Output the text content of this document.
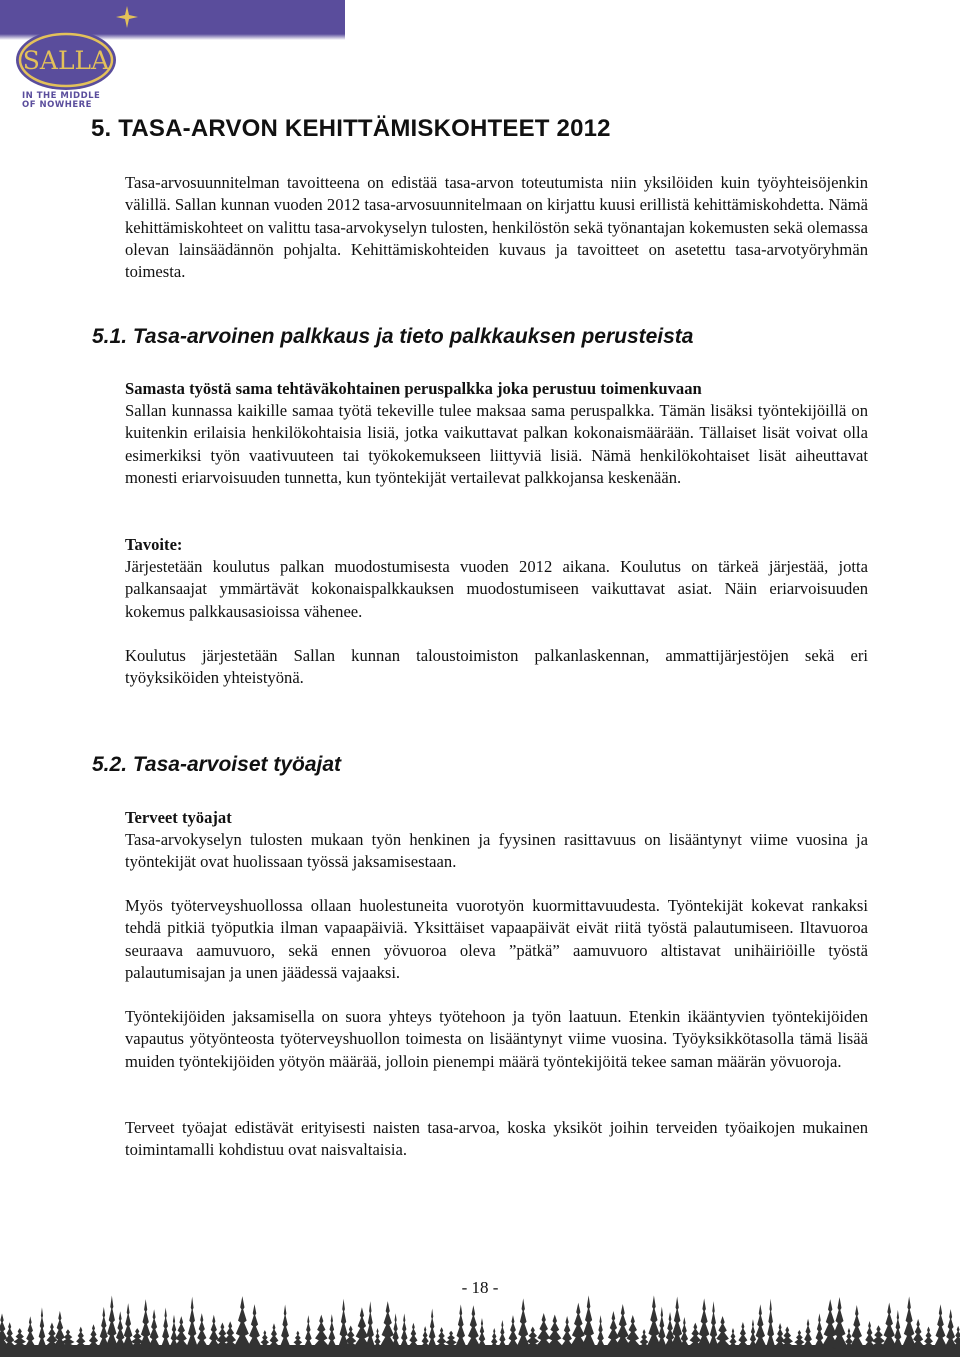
SALLA
IN THE MIDDLE OF NOWHERE
5. TASA-ARVON KEHITTÄMISKOHTEET 2012

Tasa-arvosuunnitelman tavoitteena on edistää tasa-arvon toteutumista niin yksilöiden kuin työyhteisöjenkin välillä. Sallan kunnan vuoden 2012 tasa-arvosuunnitelmaan on kirjattu kuusi erillistä kehittämiskohdetta. Nämä kehittämiskohteet on valittu tasa-arvokyselyn tulosten, henkilöstön sekä työnantajan kokemusten sekä olemassa olevan lainsäädännön pohjalta. Kehittämiskohteiden kuvaus ja tavoitteet on asetettu tasa-arvotyöryhmän toimesta.

5.1. Tasa-arvoinen palkkaus ja tieto palkkauksen perusteista
Samasta työstä sama tehtäväkohtainen peruspalkka joka perustuu toimenkuvaan

Sallan kunnassa kaikille samaa työtä tekeville tulee maksaa sama peruspalkka. Tämän lisäksi työntekijöillä on kuitenkin erilaisia henkilökohtaisia lisiä, jotka vaikuttavat palkan kokonaismäärään. Tällaiset lisät voivat olla esimerkiksi työn vaativuuteen tai työkokemukseen liittyviä lisiä. Nämä henkilökohtaiset lisät aiheuttavat monesti eriarvoisuuden tunnetta, kun työntekijät vertailevat palkkojansa keskenään.

Tavoite:

Järjestetään koulutus palkan muodostumisesta vuoden 2012 aikana. Koulutus on tärkeä järjestää, jotta palkansaajat ymmärtävät kokonaispalkkauksen muodostumiseen vaikuttavat asiat. Näin eriarvoisuuden kokemus palkkausasioissa vähenee.

Koulutus järjestetään Sallan kunnan taloustoimiston palkanlaskennan, ammattijärjestöjen sekä eri työyksiköiden yhteistyönä.

5.2. Tasa-arvoiset työajat
Terveet työajat

Tasa-arvokyselyn tulosten mukaan työn henkinen ja fyysinen rasittavuus on lisääntynyt viime vuosina ja työntekijät ovat huolissaan työssä jaksamisestaan.

Myös työterveyshuollossa ollaan huolestuneita vuorotyön kuormittavuudesta. Työntekijät kokevat rankaksi tehdä pitkiä työputkia ilman vapaapäiviä. Yksittäiset vapaapäivät eivät riitä työstä palautumiseen. Iltavuoroa seuraava aamuvuoro, sekä ennen yövuoroa oleva ”pätkä” aamuvuoro altistavat unihäiriöille työstä palautumisajan ja unen jäädessä vajaaksi.

Työntekijöiden jaksamisella on suora yhteys työtehoon ja työn laatuun. Etenkin ikääntyvien työntekijöiden vapautus yötyönteosta työterveyshuollon toimesta on lisääntynyt viime vuosina. Työyksikkötasolla tämä lisää muiden työntekijöiden yötyön määrää, jolloin pienempi määrä työntekijöitä tekee saman määrän yövuoroja.

Terveet työajat edistävät erityisesti naisten tasa-arvoa, koska yksiköt joihin terveiden työaikojen mukainen toimintamalli kohdistuu ovat naisvaltaisia.

- 18 -
